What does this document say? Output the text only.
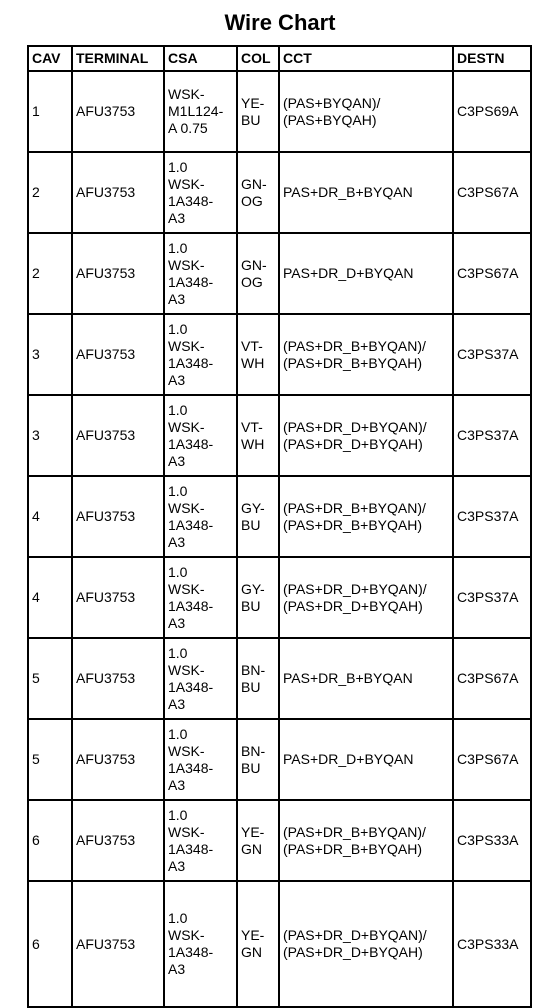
Wire Chart
CAV	TERMINAL	CSA	COL	CCT	DESTN
1	AFU3753	WSK-
M1L124-
A 0.75	YE-
BU	(PAS+BYQAN)/
(PAS+BYQAH)	C3PS69A
2	AFU3753	1.0
WSK-
1A348-
A3	GN-
OG	PAS+DR_B+BYQAN	C3PS67A
2	AFU3753	1.0
WSK-
1A348-
A3	GN-
OG	PAS+DR_D+BYQAN	C3PS67A
3	AFU3753	1.0
WSK-
1A348-
A3	VT-
WH	(PAS+DR_B+BYQAN)/
(PAS+DR_B+BYQAH)	C3PS37A
3	AFU3753	1.0
WSK-
1A348-
A3	VT-
WH	(PAS+DR_D+BYQAN)/
(PAS+DR_D+BYQAH)	C3PS37A
4	AFU3753	1.0
WSK-
1A348-
A3	GY-
BU	(PAS+DR_B+BYQAN)/
(PAS+DR_B+BYQAH)	C3PS37A
4	AFU3753	1.0
WSK-
1A348-
A3	GY-
BU	(PAS+DR_D+BYQAN)/
(PAS+DR_D+BYQAH)	C3PS37A
5	AFU3753	1.0
WSK-
1A348-
A3	BN-
BU	PAS+DR_B+BYQAN	C3PS67A
5	AFU3753	1.0
WSK-
1A348-
A3	BN-
BU	PAS+DR_D+BYQAN	C3PS67A
6	AFU3753	1.0
WSK-
1A348-
A3	YE-
GN	(PAS+DR_B+BYQAN)/
(PAS+DR_B+BYQAH)	C3PS33A
6	AFU3753	1.0
WSK-
1A348-
A3	YE-
GN	(PAS+DR_D+BYQAN)/
(PAS+DR_D+BYQAH)	C3PS33A
